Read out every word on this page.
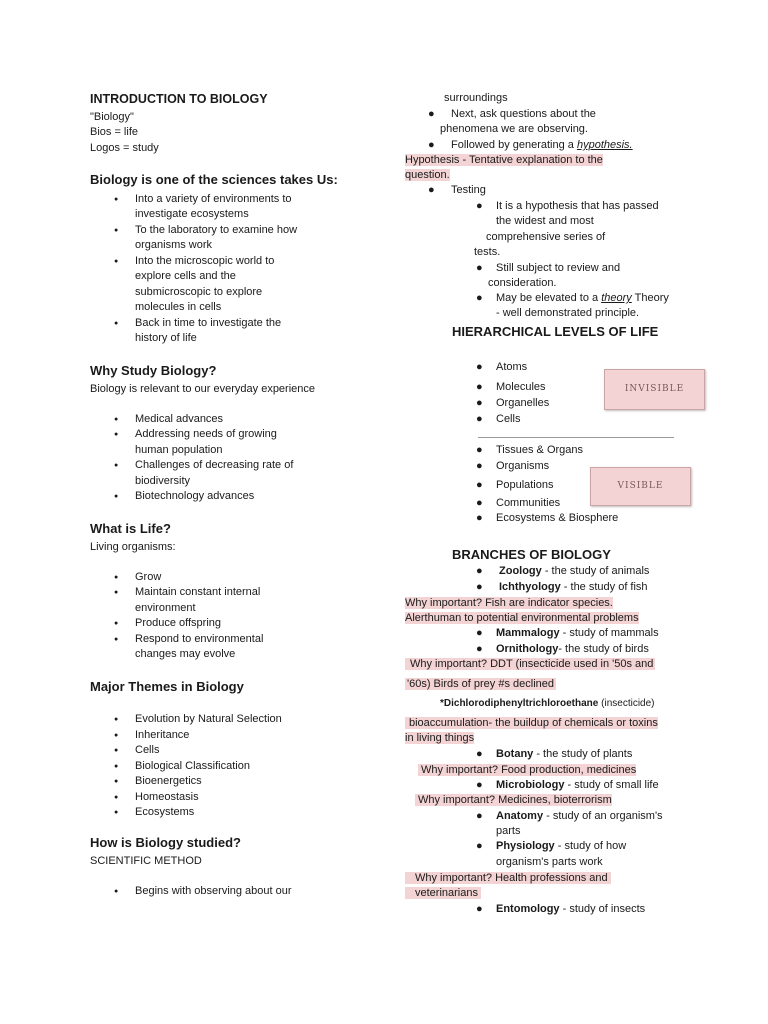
INTRODUCTION TO BIOLOGY
"Biology"
Bios = life
Logos = study
Biology is one of the sciences takes Us:
● Into a variety of environments to
investigate ecosystems
● To the laboratory to examine how
organisms work
● Into the microscopic world to
explore cells and the
submicroscopic to explore
molecules in cells
● Back in time to investigate the
history of life
Why Study Biology?
Biology is relevant to our everyday experience
● Medical advances
● Addressing needs of growing
human population
● Challenges of decreasing rate of
biodiversity
● Biotechnology advances
What is Life?
Living organisms:
● Grow
● Maintain constant internal
environment
● Produce offspring
● Respond to environmental
changes may evolve
Major Themes in Biology
● Evolution by Natural Selection
● Inheritance
● Cells
● Biological Classification
● Bioenergetics
● Homeostasis
● Ecosystems
How is Biology studied?
SCIENTIFIC METHOD
● Begins with observing about our
surroundings
● Next, ask questions about the
phenomena we are observing.
● Followed by generating a hypothesis.
Hypothesis - Tentative explanation to the
question.
● Testing
● It is a hypothesis that has passed
the widest and most
comprehensive series of
tests.
● Still subject to review and
consideration.
● May be elevated to a theory Theory
- well demonstrated principle.
HIERARCHICAL LEVELS OF LIFE
● Atoms
● Molecules
● Organelles
● Cells
INVISIBLE
● Tissues & Organs
● Organisms
● Populations
● Communities
● Ecosystems & Biosphere
VISIBLE
BRANCHES OF BIOLOGY
● Zoology - the study of animals
● Ichthyology - the study of fish
Why important? Fish are indicator species.
Alerthuman to potential environmental problems
● Mammalogy - study of mammals
● Ornithology- the study of birds
Why important? DDT (insecticide used in '50s and
'60s) Birds of prey #s declined
*Dichlorodiphenyltrichloroethane (insecticide)
bioaccumulation- the buildup of chemicals or toxins
in living things
● Botany - the study of plants
Why important? Food production, medicines
● Microbiology - study of small life
Why important? Medicines, bioterrorism
● Anatomy - study of an organism's
parts
● Physiology - study of how
organism's parts work
Why important? Health professions and
veterinarians
● Entomology - study of insects
